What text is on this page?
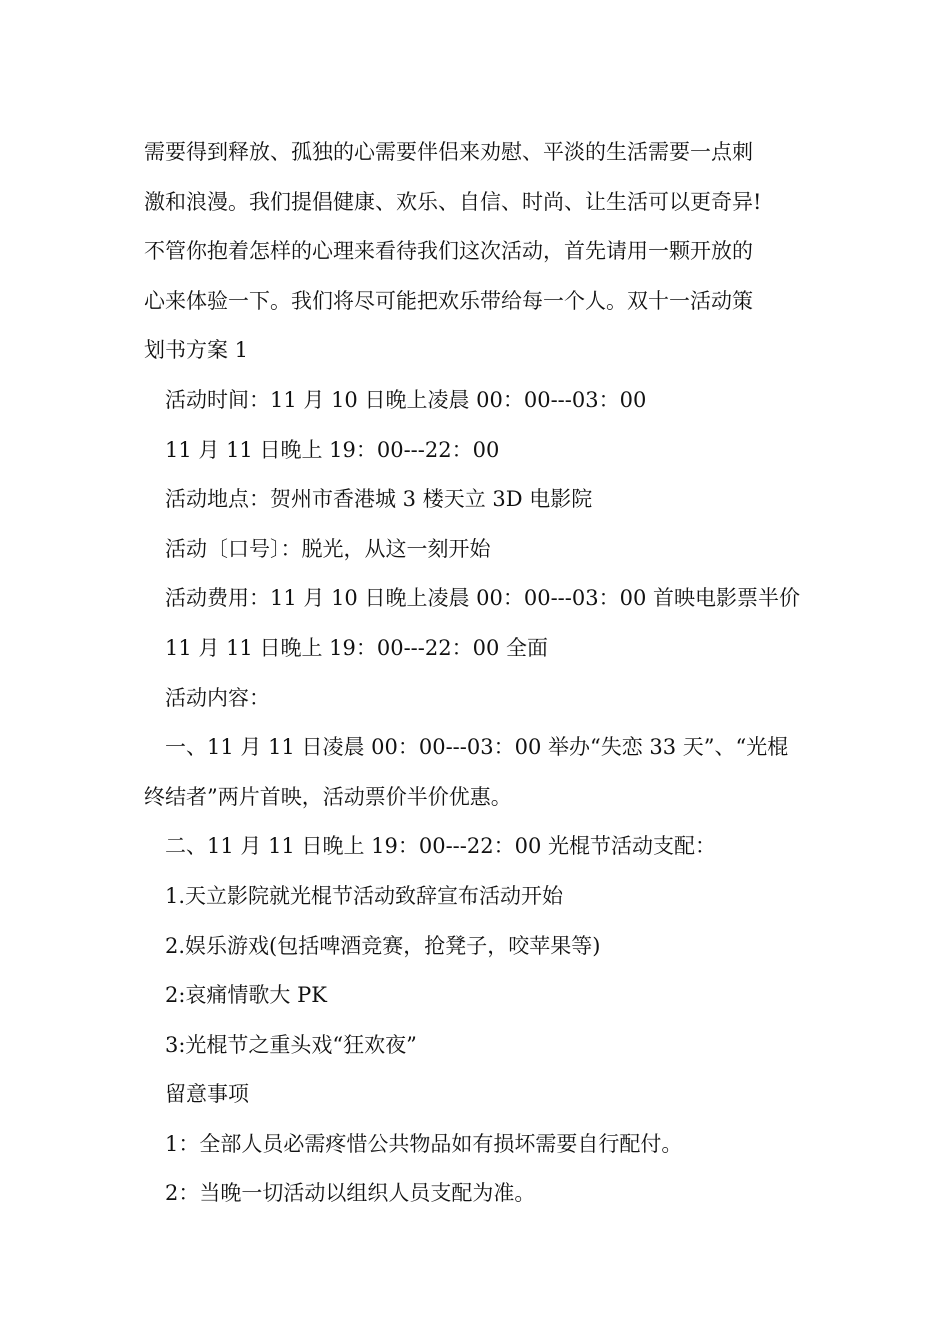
需要得到释放、孤独的心需要伴侣来劝慰、平淡的生活需要一点刺
激和浪漫。我们提倡健康、欢乐、自信、时尚、让生活可以更奇异!
不管你抱着怎样的心理来看待我们这次活动，首先请用一颗开放的
心来体验一下。我们将尽可能把欢乐带给每一个人。双十一活动策
划书方案 1
活动时间：11 月 10 日晚上凌晨 00：00---03：00
11 月 11 日晚上 19：00---22：00
活动地点：贺州市香港城 3 楼天立 3D 电影院
活动〔口号〕：脱光，从这一刻开始
活动费用：11 月 10 日晚上凌晨 00：00---03：00 首映电影票半价
11 月 11 日晚上 19：00---22：00 全面
活动内容：
一、11 月 11 日凌晨 00：00---03：00 举办“失恋 33 天”、“光棍
终结者”两片首映，活动票价半价优惠。
二、11 月 11 日晚上 19：00---22：00 光棍节活动支配：
1.天立影院就光棍节活动致辞宣布活动开始
2.娱乐游戏(包括啤酒竞赛，抢凳子，咬苹果等)
2:哀痛情歌大 PK
3:光棍节之重头戏“狂欢夜”
留意事项
1：全部人员必需疼惜公共物品如有损坏需要自行配付。
2：当晚一切活动以组织人员支配为准。
